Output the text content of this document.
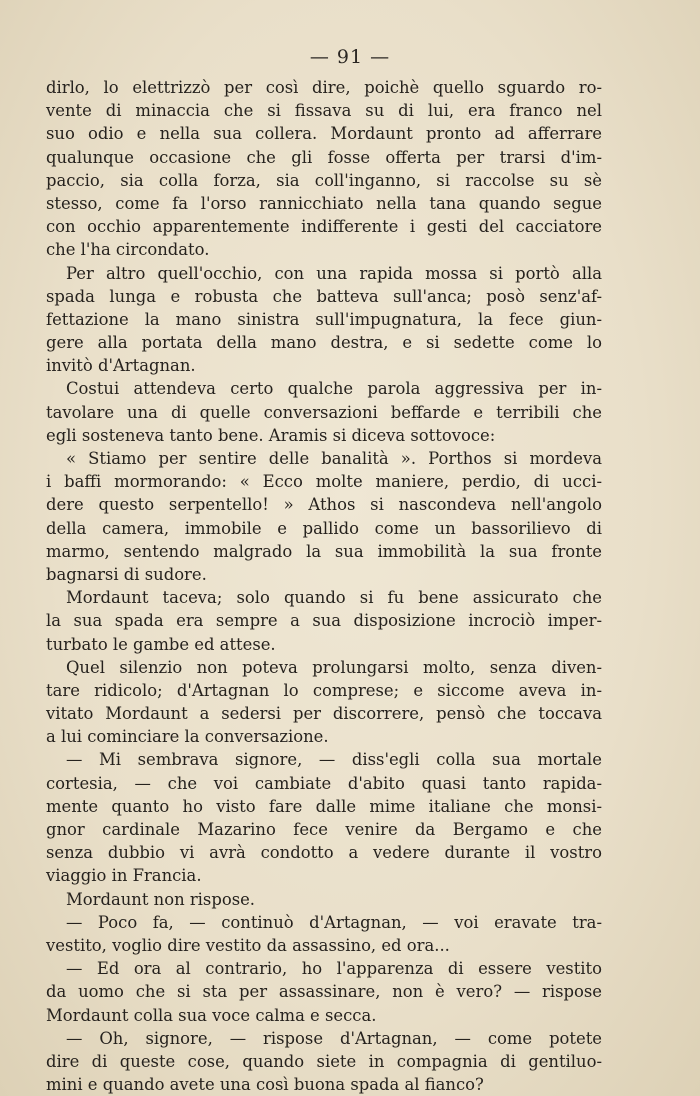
— 91 —
dirlo, lo elettrizzò per così dire, poichè quello sguardo ro-
vente di minaccia che si fissava su di lui, era franco nel
suo odio e nella sua collera. Mordaunt pronto ad afferrare
qualunque occasione che gli fosse offerta per trarsi d'im-
paccio, sia colla forza, sia coll'inganno, si raccolse su sè
stesso, come fa l'orso rannicchiato nella tana quando segue
con occhio apparentemente indifferente i gesti del cacciatore
che l'ha circondato.
Per altro quell'occhio, con una rapida mossa si portò alla
spada lunga e robusta che batteva sull'anca; posò senz'af-
fettazione la mano sinistra sull'impugnatura, la fece giun-
gere alla portata della mano destra, e si sedette come lo
invitò d'Artagnan.
Costui attendeva certo qualche parola aggressiva per in-
tavolare una di quelle conversazioni beffarde e terribili che
egli sosteneva tanto bene. Aramis si diceva sottovoce:
« Stiamo per sentire delle banalità ». Porthos si mordeva
i baffi mormorando: « Ecco molte maniere, perdio, di ucci-
dere questo serpentello! » Athos si nascondeva nell'angolo
della camera, immobile e pallido come un bassorilievo di
marmo, sentendo malgrado la sua immobilità la sua fronte
bagnarsi di sudore.
Mordaunt taceva; solo quando si fu bene assicurato che
la sua spada era sempre a sua disposizione incrociò imper-
turbato le gambe ed attese.
Quel silenzio non poteva prolungarsi molto, senza diven-
tare ridicolo; d'Artagnan lo comprese; e siccome aveva in-
vitato Mordaunt a sedersi per discorrere, pensò che toccava
a lui cominciare la conversazione.
— Mi sembrava signore, — diss'egli colla sua mortale
cortesia, — che voi cambiate d'abito quasi tanto rapida-
mente quanto ho visto fare dalle mime italiane che monsi-
gnor cardinale Mazarino fece venire da Bergamo e che
senza dubbio vi avrà condotto a vedere durante il vostro
viaggio in Francia.
Mordaunt non rispose.
— Poco fa, — continuò d'Artagnan, — voi eravate tra-
vestito, voglio dire vestito da assassino, ed ora...
— Ed ora al contrario, ho l'apparenza di essere vestito
da uomo che si sta per assassinare, non è vero? — rispose
Mordaunt colla sua voce calma e secca.
— Oh, signore, — rispose d'Artagnan, — come potete
dire di queste cose, quando siete in compagnia di gentiluo-
mini e quando avete una così buona spada al fianco?
